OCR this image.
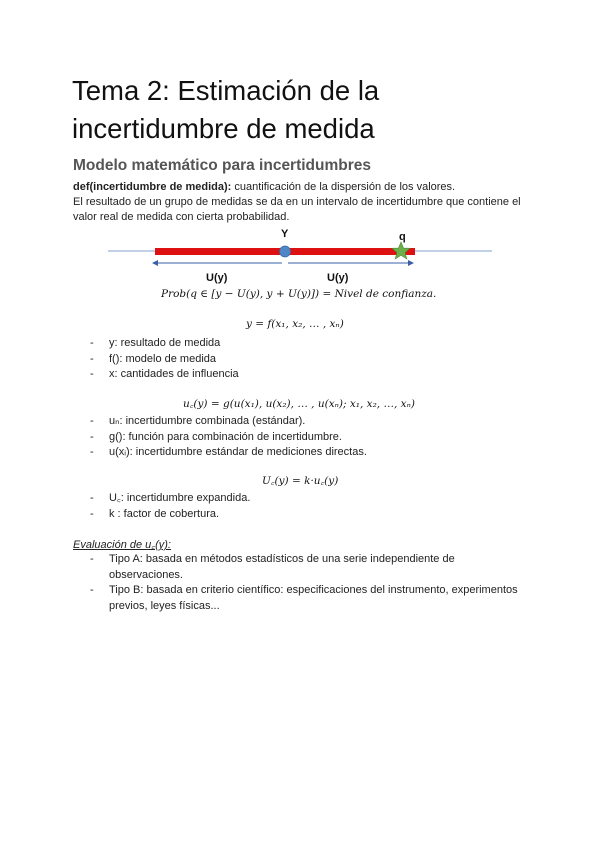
Tema 2: Estimación de la incertidumbre de medida
Modelo matemático para incertidumbres
def(incertidumbre de medida): cuantificación de la dispersión de los valores.
El resultado de un grupo de medidas se da en un intervalo de incertidumbre que contiene el valor real de medida con cierta probabilidad.
Y	q
U(y)	U(y)
Prob(q ∈ [y − U(y), y + U(y)]) = Nivel de confianza.
y = f(x₁, x₂, … , xₙ)
- y: resultado de medida
- f(): modelo de medida
- x: cantidades de influencia
u꜀(y) = g(u(x₁), u(x₂), … , u(xₙ); x₁, x₂, …, xₙ)
- uₙ: incertidumbre combinada (estándar).
- g(): función para combinación de incertidumbre.
- u(xᵢ): incertidumbre estándar de mediciones directas.
U꜀(y) = k·u꜀(y)
- U꜀: incertidumbre expandida.
- k : factor de cobertura.
Evaluación de u꜀(y):
- Tipo A: basada en métodos estadísticos de una serie independiente de observaciones.
- Tipo B: basada en criterio científico: especificaciones del instrumento, experimentos previos, leyes físicas...
